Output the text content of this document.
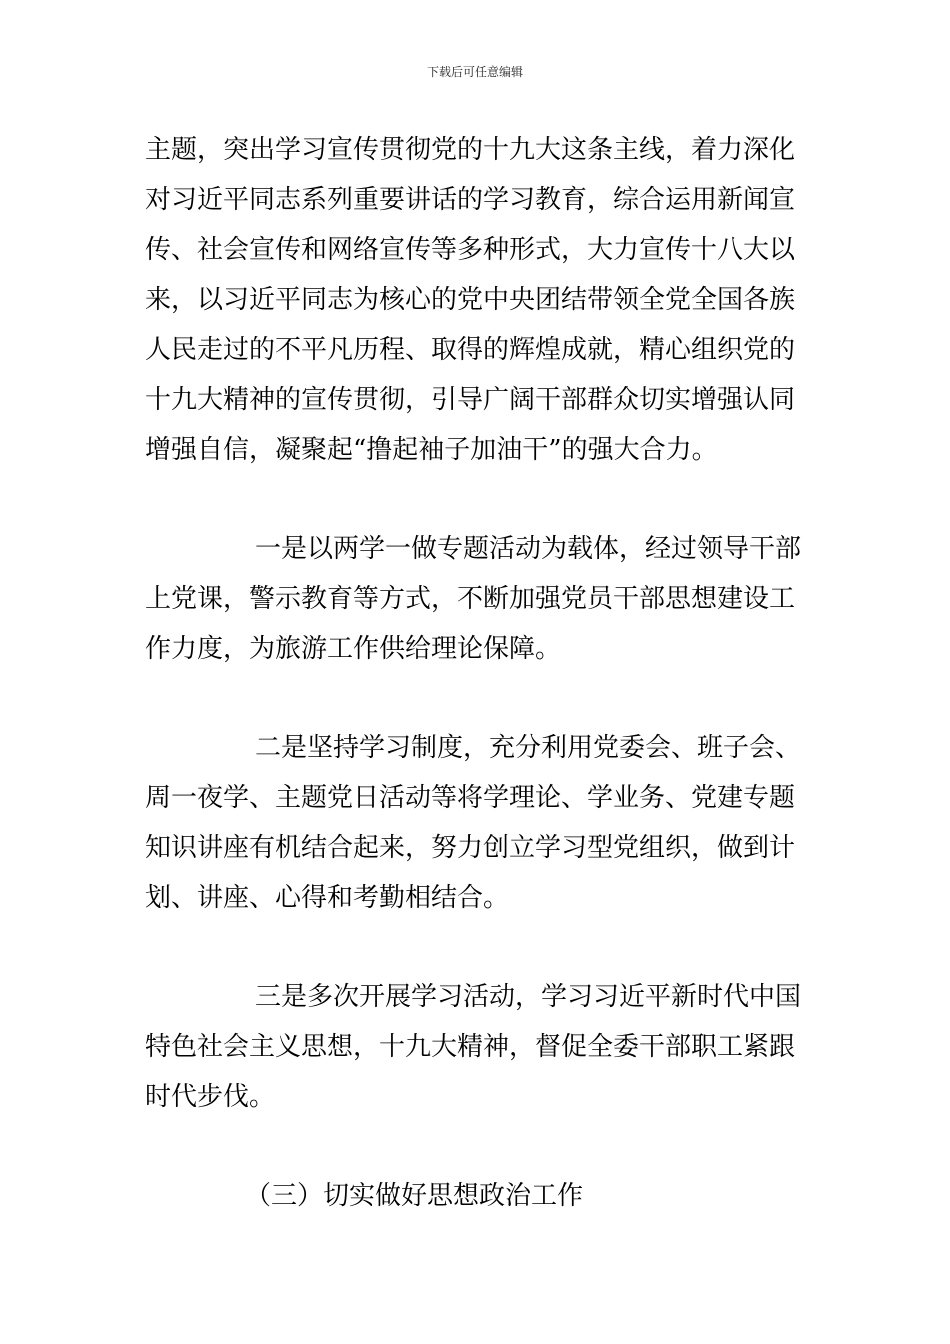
下载后可任意编辑
主题，突出学习宣传贯彻党的十九大这条主线，着力深化
对习近平同志系列重要讲话的学习教育，综合运用新闻宣
传、社会宣传和网络宣传等多种形式，大力宣传十八大以
来，以习近平同志为核心的党中央团结带领全党全国各族
人民走过的不平凡历程、取得的辉煌成就，精心组织党的
十九大精神的宣传贯彻，引导广阔干部群众切实增强认同
增强自信，凝聚起“撸起袖子加油干”的强大合力。
一是以两学一做专题活动为载体，经过领导干部
上党课，警示教育等方式，不断加强党员干部思想建设工
作力度，为旅游工作供给理论保障。
二是坚持学习制度，充分利用党委会、班子会、
周一夜学、主题党日活动等将学理论、学业务、党建专题
知识讲座有机结合起来，努力创立学习型党组织，做到计
划、讲座、心得和考勤相结合。
三是多次开展学习活动，学习习近平新时代中国
特色社会主义思想，十九大精神，督促全委干部职工紧跟
时代步伐。
（三）切实做好思想政治工作
